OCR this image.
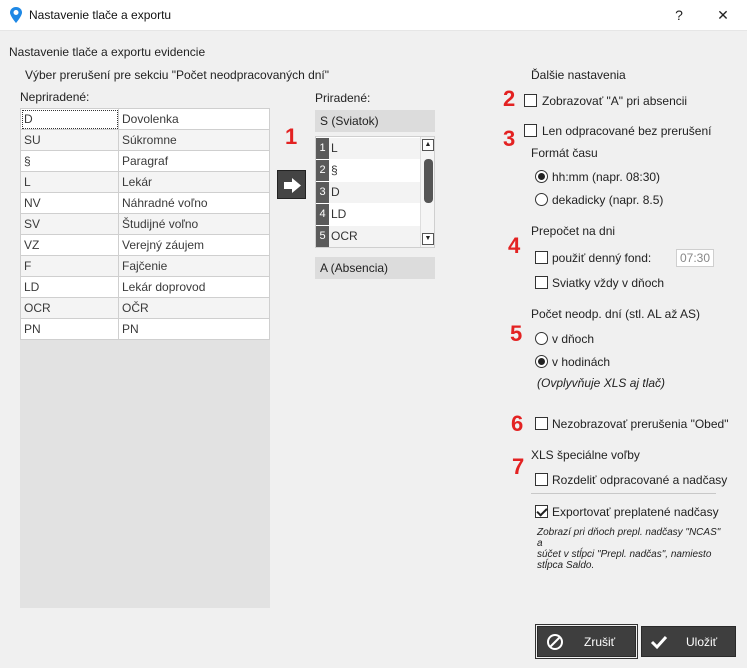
Nastavenie tlače a exportu	?	✕
Nastavenie tlače a exportu evidencie
Výber prerušení pre sekciu "Počet neodpracovaných dní"
Nepriradené:
D	Dovolenka
SU	Súkromne
§	Paragraf
L	Lekár
NV	Náhradné voľno
SV	Študijné voľno
VZ	Verejný záujem
F	Fajčenie
LD	Lekár doprovod
OCR	OČR
PN	PN
1
2
3
4
5
6
7
Priradené:
S (Sviatok)
1 L
2 §
3 D
4 LD
5 OCR
▲
▼
A (Absencia)
Ďalšie nastavenia
Zobrazovať "A" pri absencii
Len odpracované bez prerušení
Formát času
hh:mm (napr. 08:30)
dekadicky (napr. 8.5)
Prepočet na dni
použiť denný fond:	07:30
Sviatky vždy v dňoch
Počet neodp. dní (stl. AL až AS)
v dňoch
v hodinách
(Ovplyvňuje XLS aj tlač)
Nezobrazovať prerušenia "Obed"
XLS špeciálne voľby
Rozdeliť odpracované a nadčasy
Exportovať preplatené nadčasy
Zobrazí pri dňoch prepl. nadčasy "NCAS" a
súčet v stĺpci "Prepl. nadčas", namiesto
stĺpca Saldo.
Zrušiť	Uložiť
